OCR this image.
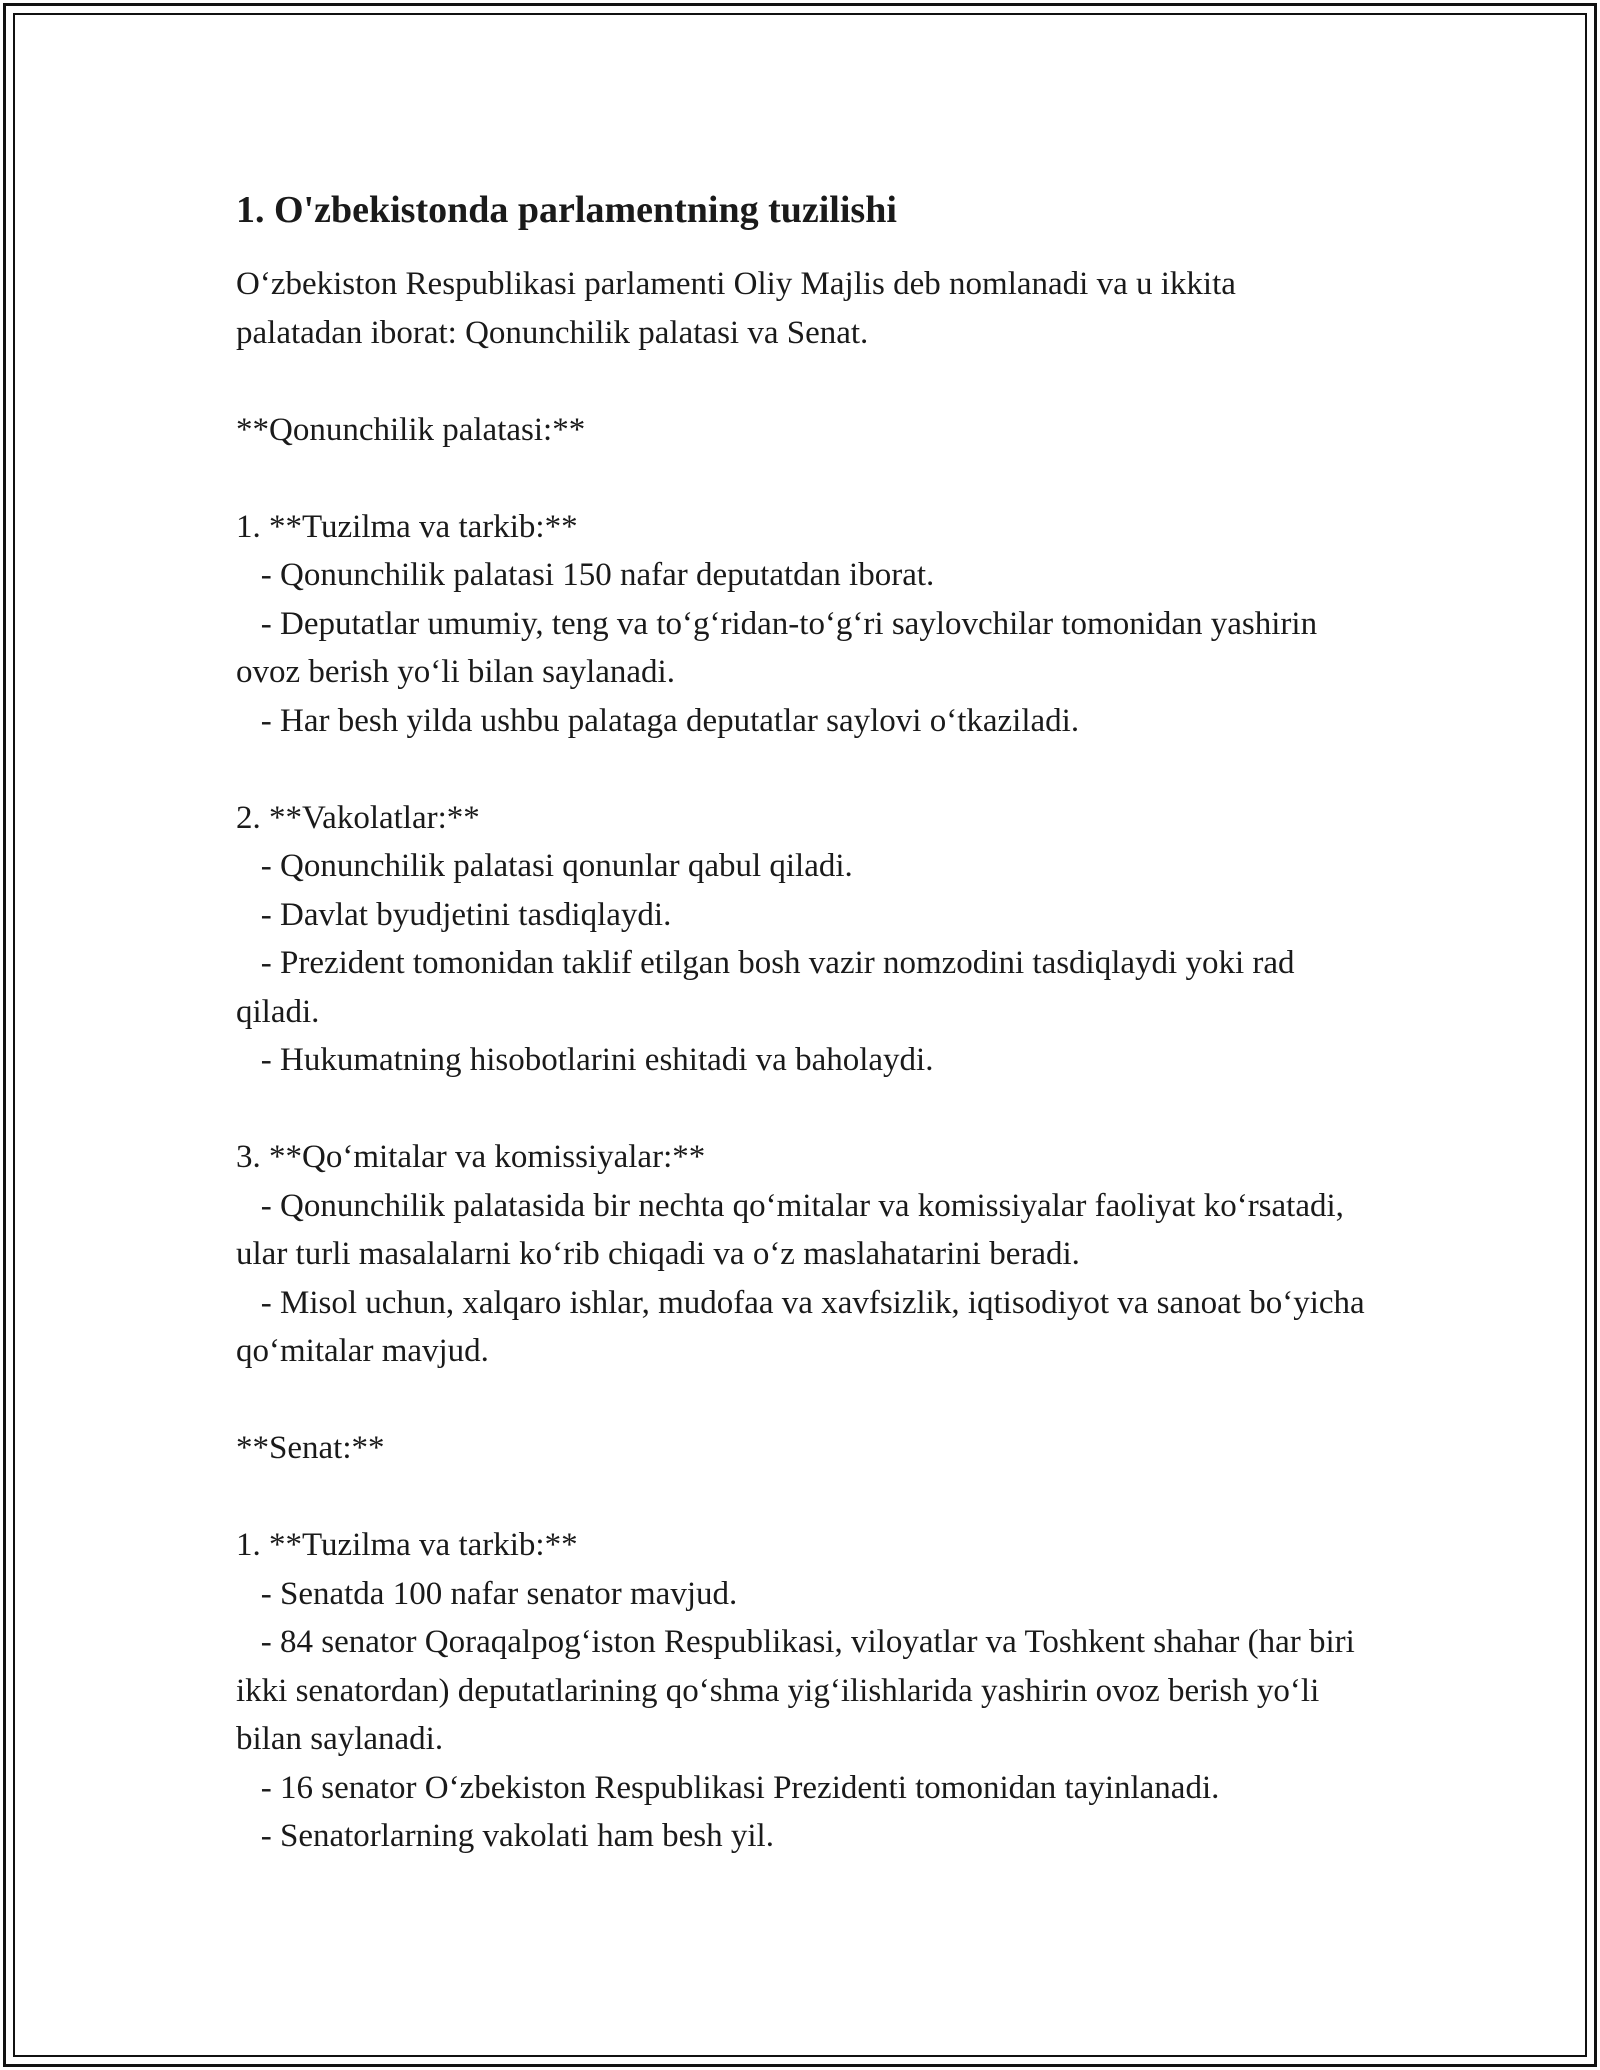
1. O'zbekistonda parlamentning tuzilishi

O‘zbekiston Respublikasi parlamenti Oliy Majlis deb nomlanadi va u ikkita palatadan iborat: Qonunchilik palatasi va Senat.

**Qonunchilik palatasi:**

1. **Tuzilma va tarkib:**
- Qonunchilik palatasi 150 nafar deputatdan iborat.
- Deputatlar umumiy, teng va to‘g‘ridan-to‘g‘ri saylovchilar tomonidan yashirin ovoz berish yo‘li bilan saylanadi.
- Har besh yilda ushbu palataga deputatlar saylovi o‘tkaziladi.

2. **Vakolatlar:**
- Qonunchilik palatasi qonunlar qabul qiladi.
- Davlat byudjetini tasdiqlaydi.
- Prezident tomonidan taklif etilgan bosh vazir nomzodini tasdiqlaydi yoki rad qiladi.
- Hukumatning hisobotlarini eshitadi va baholaydi.

3. **Qo‘mitalar va komissiyalar:**
- Qonunchilik palatasida bir nechta qo‘mitalar va komissiyalar faoliyat ko‘rsatadi, ular turli masalalarni ko‘rib chiqadi va o‘z maslahatarini beradi.
- Misol uchun, xalqaro ishlar, mudofaa va xavfsizlik, iqtisodiyot va sanoat bo‘yicha qo‘mitalar mavjud.

**Senat:**

1. **Tuzilma va tarkib:**
- Senatda 100 nafar senator mavjud.
- 84 senator Qoraqalpog‘iston Respublikasi, viloyatlar va Toshkent shahar (har biri ikki senatordan) deputatlarining qo‘shma yig‘ilishlarida yashirin ovoz berish yo‘li bilan saylanadi.
- 16 senator O‘zbekiston Respublikasi Prezidenti tomonidan tayinlanadi.
- Senatorlarning vakolati ham besh yil.
